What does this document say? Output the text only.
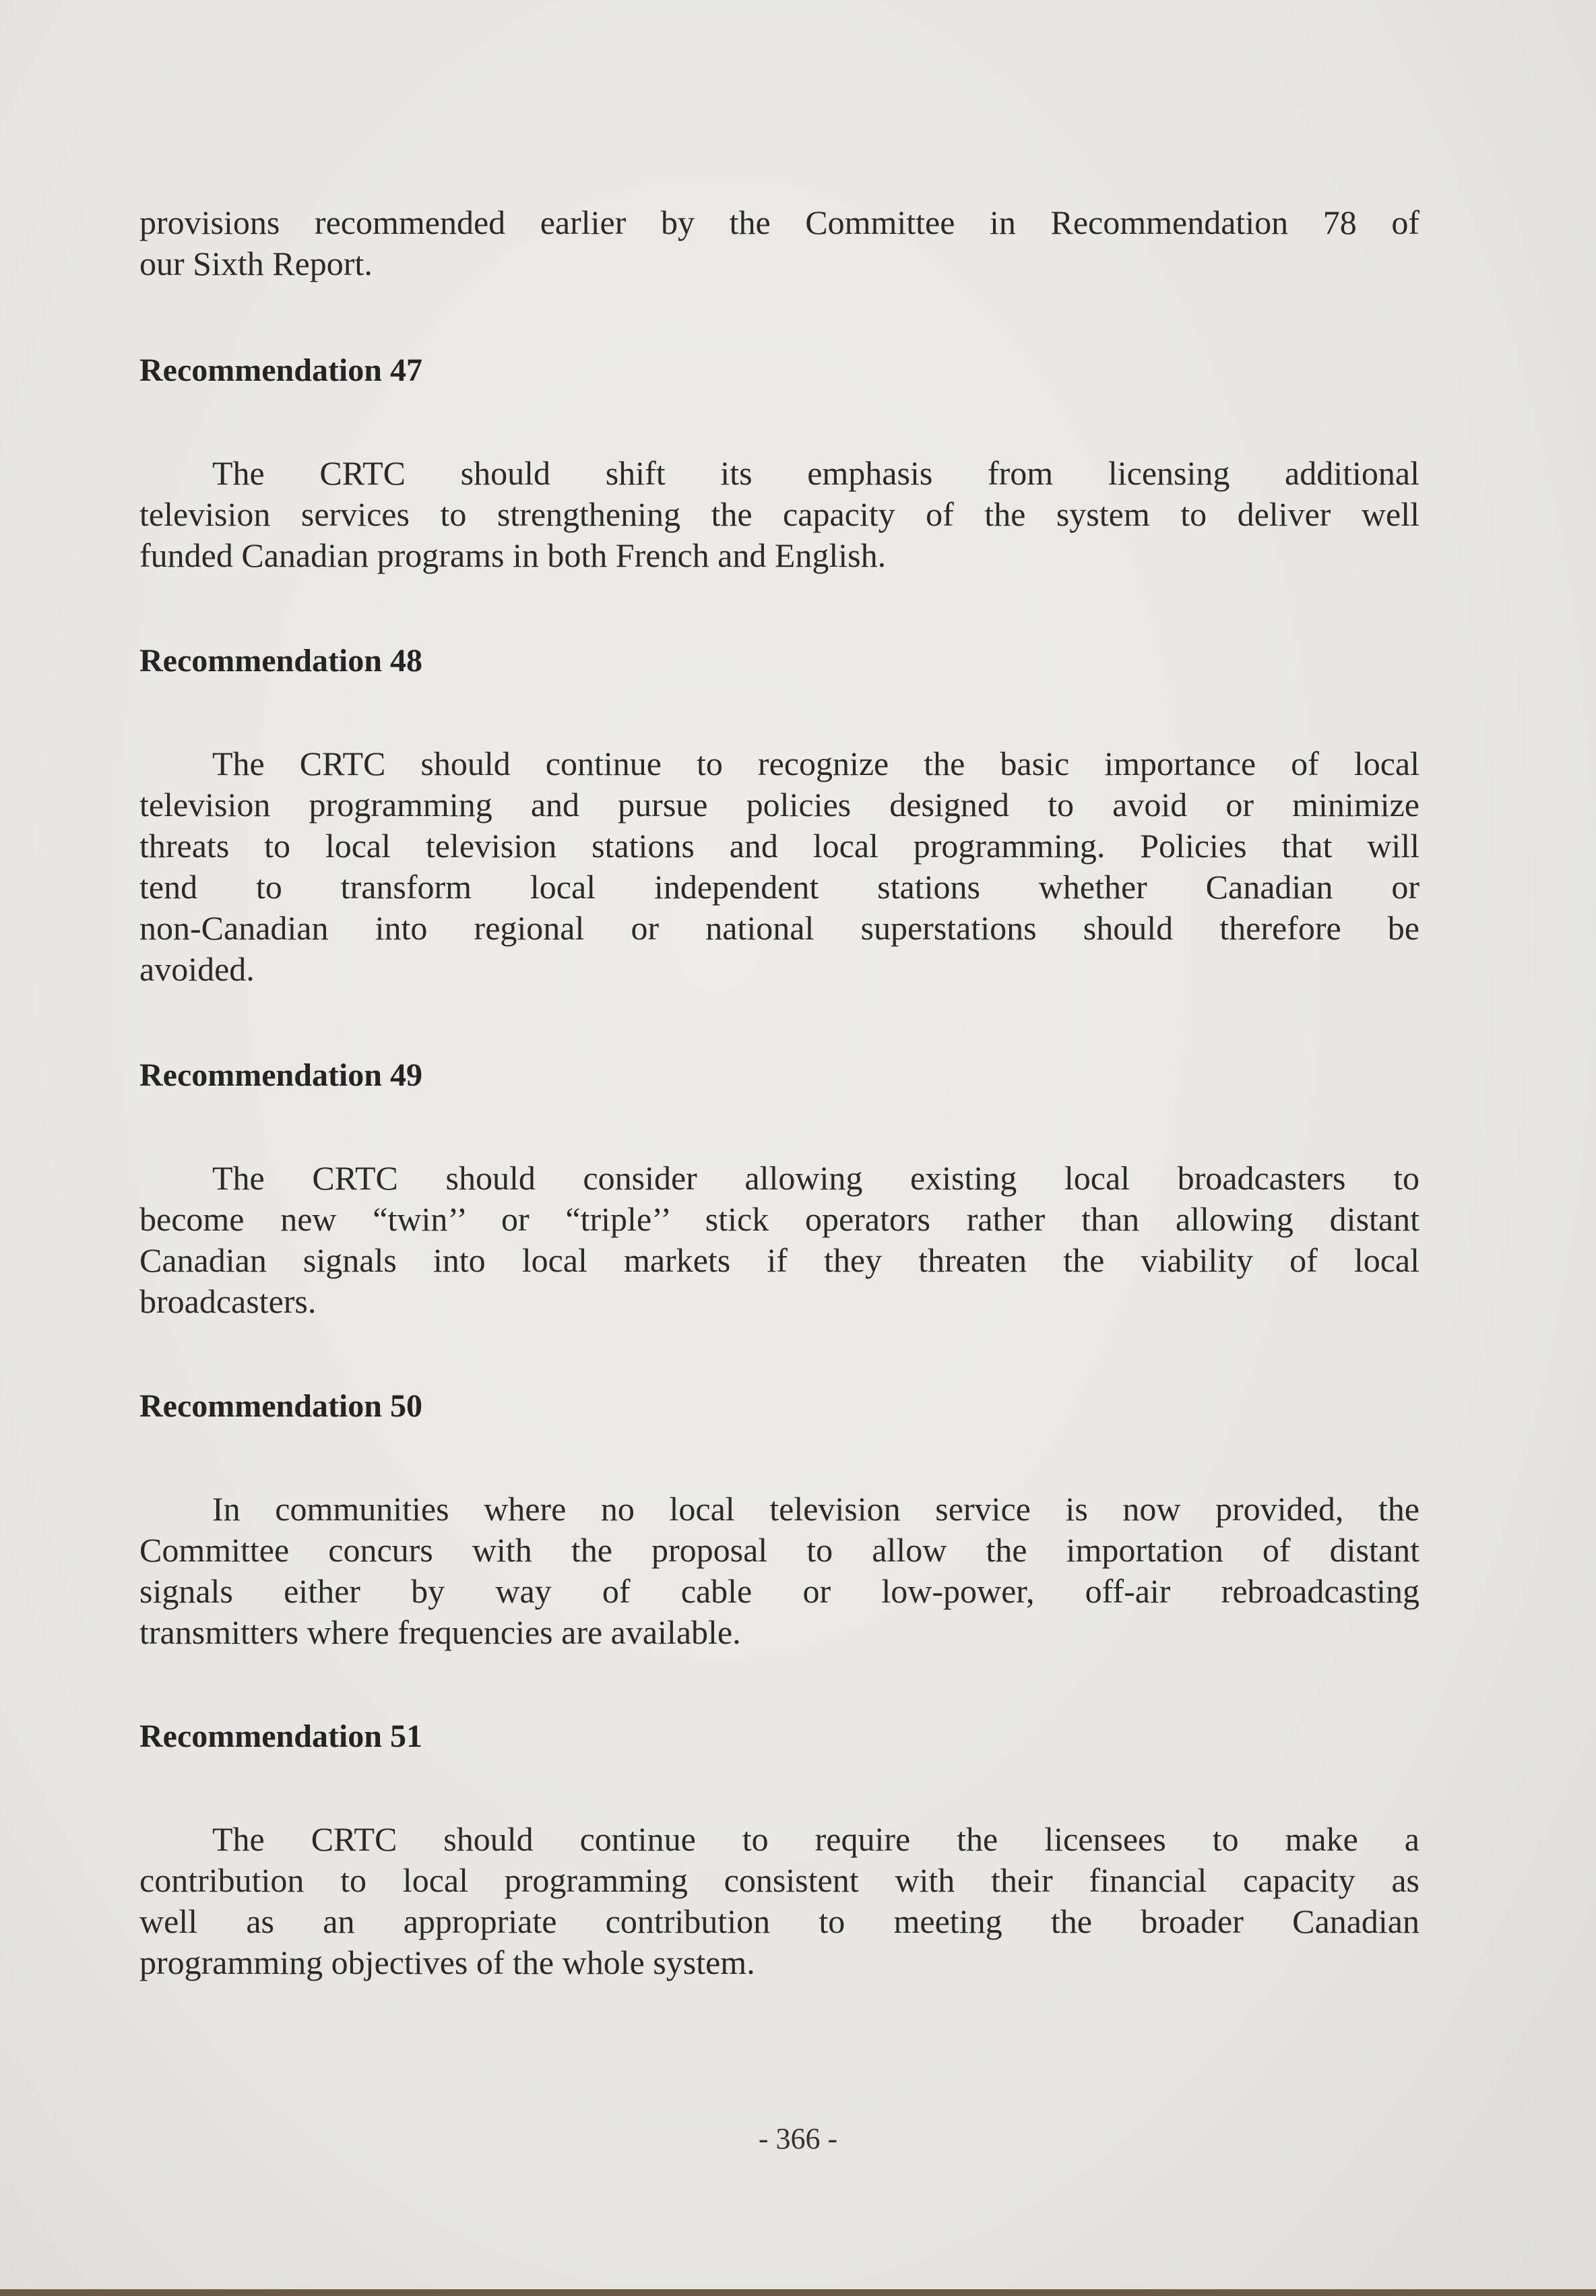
provisions recommended earlier by the Committee in Recommendation 78 of
our Sixth Report.

Recommendation 47

The CRTC should shift its emphasis from licensing additional
television services to strengthening the capacity of the system to deliver well
funded Canadian programs in both French and English.

Recommendation 48

The CRTC should continue to recognize the basic importance of local
television programming and pursue policies designed to avoid or minimize
threats to local television stations and local programming. Policies that will
tend to transform local independent stations whether Canadian or
non-Canadian into regional or national superstations should therefore be
avoided.

Recommendation 49

The CRTC should consider allowing existing local broadcasters to
become new “twin’’ or “triple’’ stick operators rather than allowing distant
Canadian signals into local markets if they threaten the viability of local
broadcasters.

Recommendation 50

In communities where no local television service is now provided, the
Committee concurs with the proposal to allow the importation of distant
signals either by way of cable or low-power, off-air rebroadcasting
transmitters where frequencies are available.

Recommendation 51

The CRTC should continue to require the licensees to make a
contribution to local programming consistent with their financial capacity as
well as an appropriate contribution to meeting the broader Canadian
programming objectives of the whole system.

- 366 -
